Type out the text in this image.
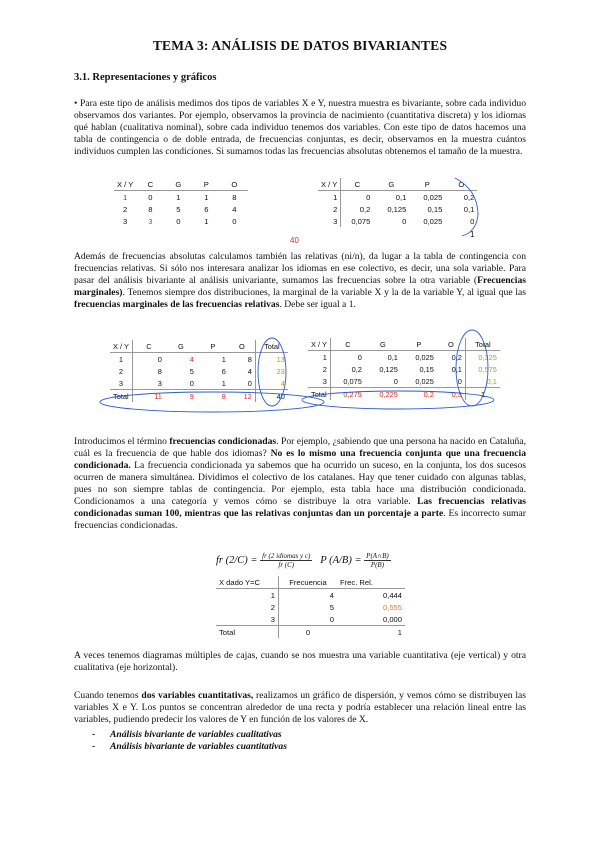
TEMA 3: ANÁLISIS DE DATOS BIVARIANTES
3.1. Representaciones y gráficos
• Para este tipo de análisis medimos dos tipos de variables X e Y, nuestra muestra es bivariante, sobre cada individuo observamos dos variantes. Por ejemplo, observamos la provincia de nacimiento (cuantitativa discreta) y los idiomas qué hablan (cualitativa nominal), sobre cada individuo tenemos dos variables. Con este tipo de datos hacemos una tabla de contingencia o de doble entrada, de frecuencias conjuntas, es decir, observamos en la muestra cuántos individuos cumplen las condiciones. Si sumamos todas las frecuencias absolutas obtenemos el tamaño de la muestra.
X / Y	C	G	P	O
1	0	1	1	8
2	8	5	6	4
3	3	0	1	0
40
X / Y	C	G	P	O
1	0	0,1	0,025	0,2
2	0,2	0,125	0,15	0,1
3	0,075	0	0,025	0
1
Además de frecuencias absolutas calculamos también las relativas (ni/n), da lugar a la tabla de contingencia con frecuencias relativas. Si sólo nos interesara analizar los idiomas en ese colectivo, es decir, una sola variable. Para pasar del análisis bivariante al análisis univariante, sumamos las frecuencias sobre la otra variable (Frecuencias marginales). Tenemos siempre dos distribuciones, la marginal de la variable X y la de la variable Y, al igual que las frecuencias marginales de las frecuencias relativas. Debe ser igual a 1.
X / Y	C	G	P	O	Total
1	0	4	1	8	13
2	8	5	6	4	23
3	3	0	1	0	4
Total	11	9	8	12	40
X / Y	C	G	P	O	Total
1	0	0,1	0,025	0,2	0,325
2	0,2	0,125	0,15	0,1	0,575
3	0,075	0	0,025	0	0,1
Total	0,275	0,225	0,2	0,3	1
Introducimos el término frecuencias condicionadas. Por ejemplo, ¿sabiendo que una persona ha nacido en Cataluña, cuál es la frecuencia de que hable dos idiomas? No es lo mismo una frecuencia conjunta que una frecuencia condicionada. La frecuencia condicionada ya sabemos que ha ocurrido un suceso, en la conjunta, los dos sucesos ocurren de manera simultánea. Dividimos el colectivo de los catalanes. Hay que tener cuidado con algunas tablas, pues no son siempre tablas de contingencia. Por ejemplo, esta tabla hace una distribución condicionada. Condicionamos a una categoría y vemos cómo se distribuye la otra variable. Las frecuencias relativas condicionadas suman 100, mientras que las relativas conjuntas dan un porcentaje a parte. Es incorrecto sumar frecuencias condicionadas.
fr $(2/C) = \frac{\text{fr (2 idiomas y c)}}{fr (C)}$ P $(A/B) = \frac{P(A\cap B)}{P(B)}$
X dado Y=C	Frecuencia	Frec. Rel.
1	4	0,444
2	5	0,555
3	0	0,000
Total	0	1
A veces tenemos diagramas múltiples de cajas, cuando se nos muestra una variable cuantitativa (eje vertical) y otra cualitativa (eje horizontal).
Cuando tenemos dos variables cuantitativas, realizamos un gráfico de dispersión, y vemos cómo se distribuyen las variables X e Y. Los puntos se concentran alrededor de una recta y podría establecer una relación lineal entre las variables, pudiendo predecir los valores de Y en función de los valores de X.
- Análisis bivariante de variables cualitativas
- Análisis bivariante de variables cuantitativas
